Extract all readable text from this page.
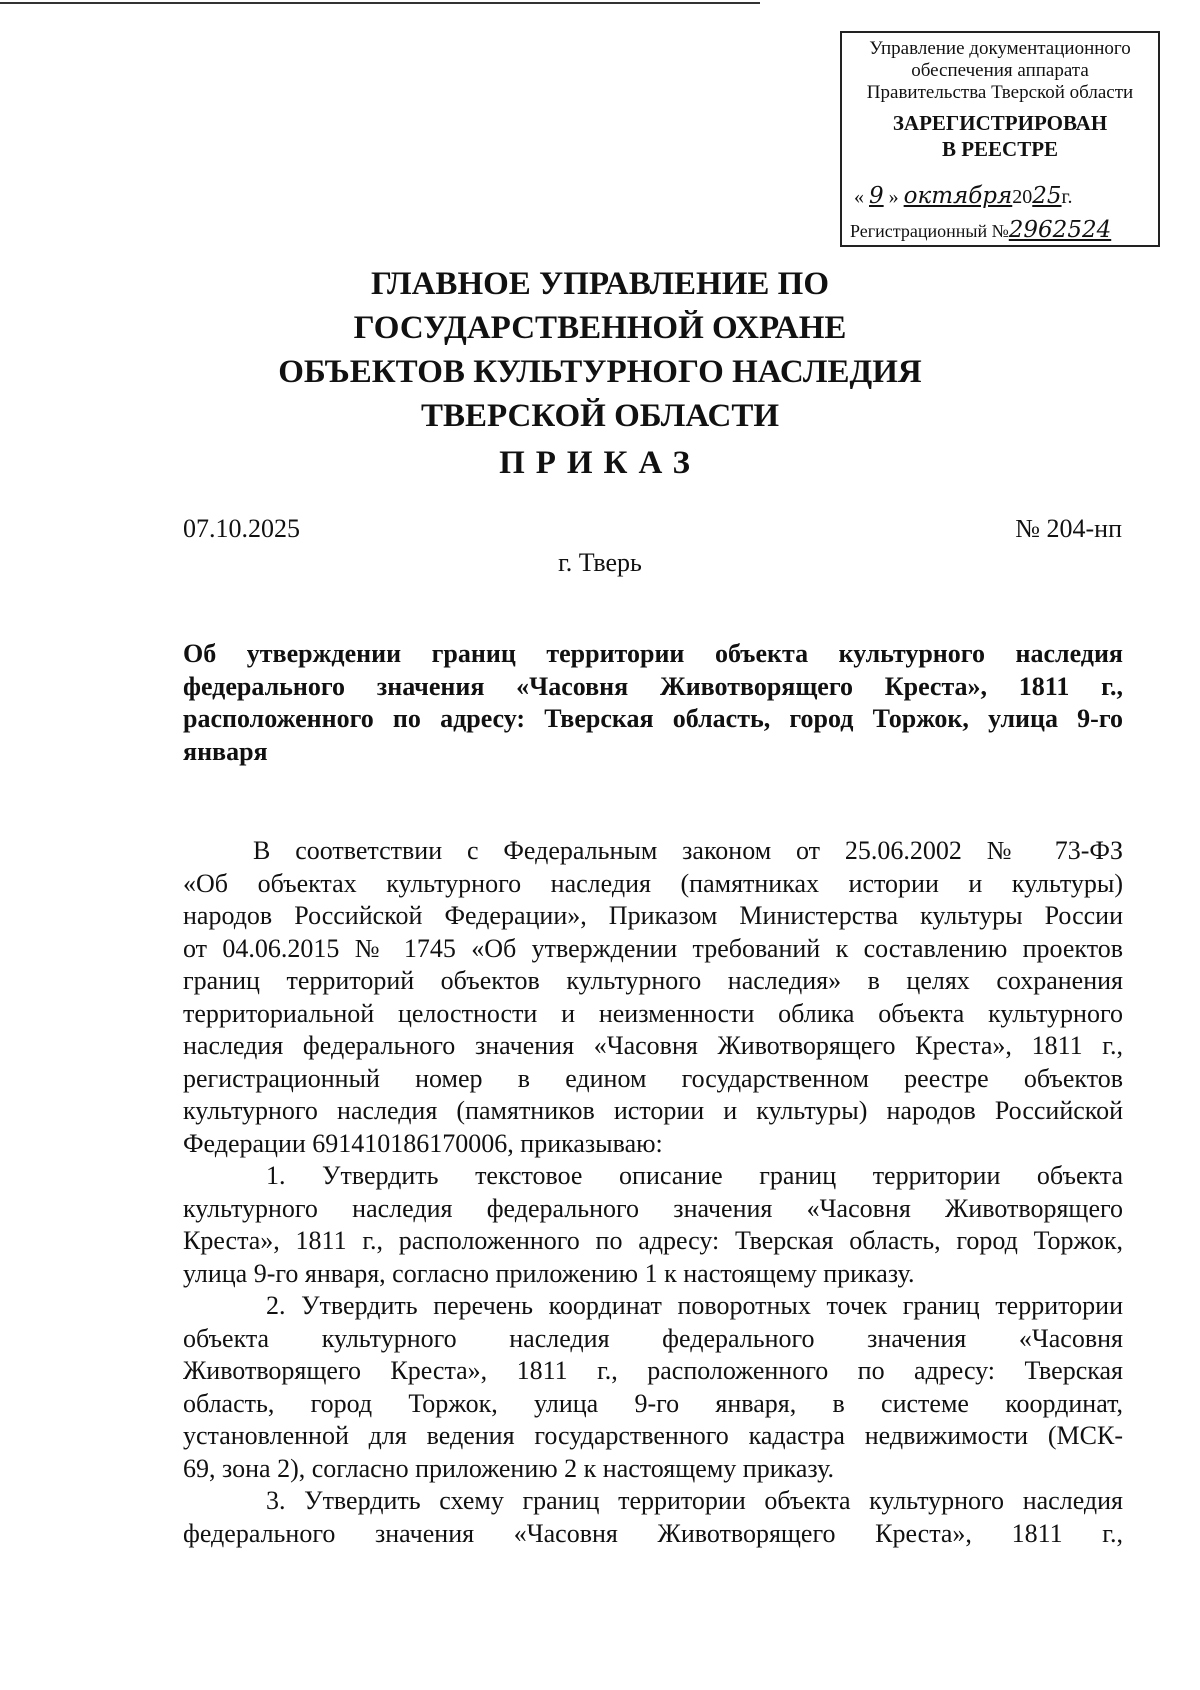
Управление документационного
обеспечения аппарата
Правительства Тверской области
ЗАРЕГИСТРИРОВАН
В РЕЕСТРЕ
« 9 » октября2025г.
Регистрационный №2962524
ГЛАВНОЕ УПРАВЛЕНИЕ ПО
ГОСУДАРСТВЕННОЙ ОХРАНЕ
ОБЪЕКТОВ КУЛЬТУРНОГО НАСЛЕДИЯ
ТВЕРСКОЙ ОБЛАСТИ
ПРИКАЗ
07.10.2025	№ 204-нп
г. Тверь
Об утверждении границ территории объекта культурного наследия
федерального значения «Часовня Животворящего Креста», 1811 г.,
расположенного по адресу: Тверская область, город Торжок, улица 9-го
января
В соответствии с Федеральным законом от 25.06.2002 № 73-ФЗ
«Об объектах культурного наследия (памятниках истории и культуры)
народов Российской Федерации», Приказом Министерства культуры России
от 04.06.2015 № 1745 «Об утверждении требований к составлению проектов
границ территорий объектов культурного наследия» в целях сохранения
территориальной целостности и неизменности облика объекта культурного
наследия федерального значения «Часовня Животворящего Креста», 1811 г.,
регистрационный номер в едином государственном реестре объектов
культурного наследия (памятников истории и культуры) народов Российской
Федерации 691410186170006, приказываю:
1. Утвердить текстовое описание границ территории объекта
культурного наследия федерального значения «Часовня Животворящего
Креста», 1811 г., расположенного по адресу: Тверская область, город Торжок,
улица 9-го января, согласно приложению 1 к настоящему приказу.
2. Утвердить перечень координат поворотных точек границ территории
объекта культурного наследия федерального значения «Часовня
Животворящего Креста», 1811 г., расположенного по адресу: Тверская
область, город Торжок, улица 9-го января, в системе координат,
установленной для ведения государственного кадастра недвижимости (МСК-
69, зона 2), согласно приложению 2 к настоящему приказу.
3. Утвердить схему границ территории объекта культурного наследия
федерального значения «Часовня Животворящего Креста», 1811 г.,
